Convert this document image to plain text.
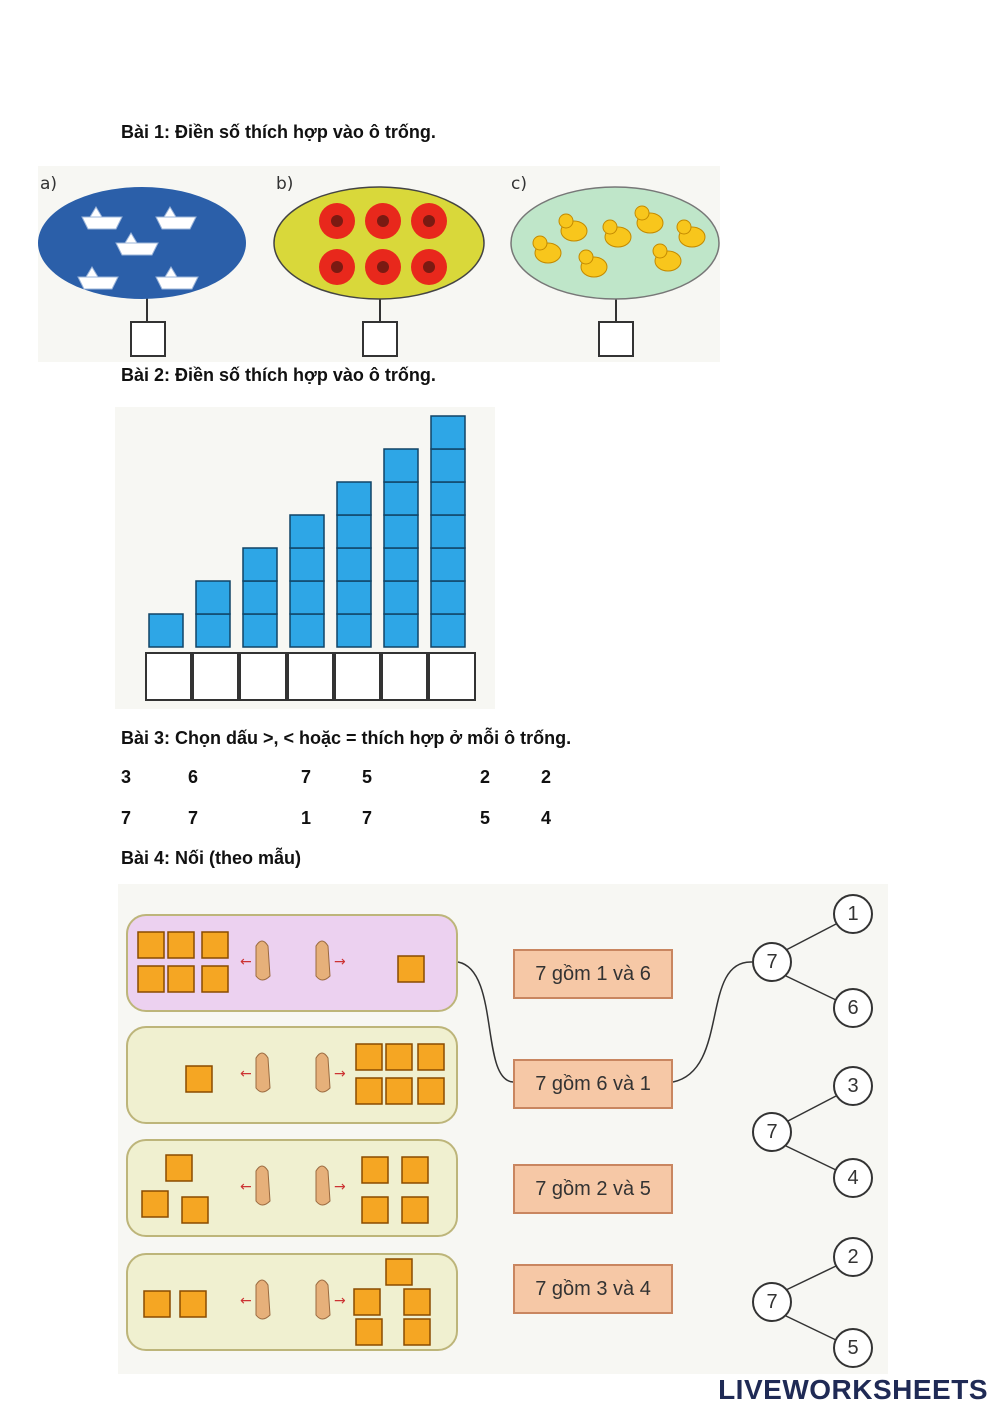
Bài 1: Điền số thích hợp vào ô trống.
a)	b)	c)
Bài 2: Điền số thích hợp vào ô trống.
Bài 3: Chọn dấu >, < hoặc = thích hợp ở mỗi ô trống.
3	6	7	5	2	2
7	7	1	7	5	4
Bài 4: Nối (theo mẫu)
←	→
←	→
←	→
←	→
7 gồm 1 và 6
7 gồm 6 và 1
7 gồm 2 và 5
7 gồm 3 và 4
7
1
6
7
3
4
7
2
5
LIVEWORKSHEETS
